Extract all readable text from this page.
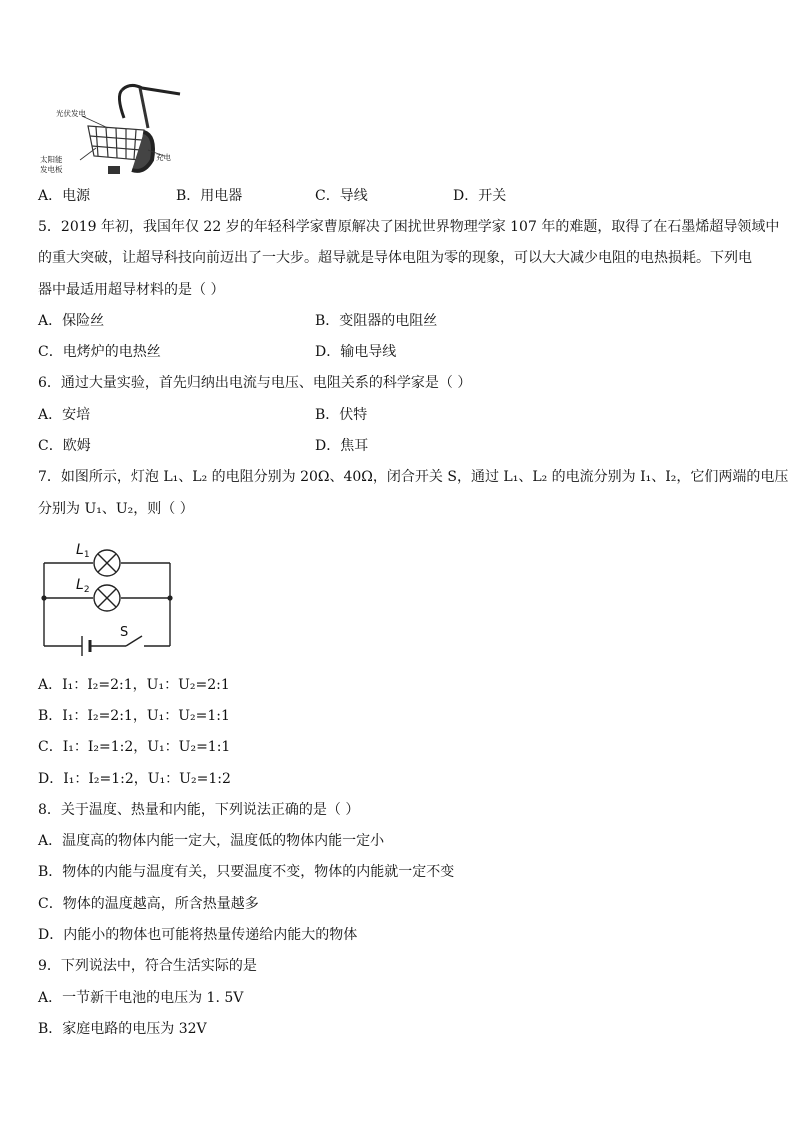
光伏发电
太阳能
发电板
充电
A．电源	B．用电器	C．导线	D．开关
5．2019 年初，我国年仅 22 岁的年轻科学家曹原解决了困扰世界物理学家 107 年的难题，取得了在石墨烯超导领域中
的重大突破，让超导科技向前迈出了一大步。超导就是导体电阻为零的现象，可以大大减少电阻的电热损耗。下列电
器中最适用超导材料的是（ ）
A．保险丝	B．变阻器的电阻丝
C．电烤炉的电热丝	D．输电导线
6．通过大量实验，首先归纳出电流与电压、电阻关系的科学家是（ ）
A．安培	B．伏特
C．欧姆	D．焦耳
7．如图所示，灯泡 L₁、L₂ 的电阻分别为 20Ω、40Ω，闭合开关 S，通过 L₁、L₂ 的电流分别为 I₁、I₂，它们两端的电压
分别为 U₁、U₂，则（ ）
$L_1$
$L_2$
S
A．I₁：I₂=2:1，U₁：U₂=2:1
B．I₁：I₂=2:1，U₁：U₂=1:1
C．I₁：I₂=1:2，U₁：U₂=1:1
D．I₁：I₂=1:2，U₁：U₂=1:2
8．关于温度、热量和内能，下列说法正确的是（ ）
A．温度高的物体内能一定大，温度低的物体内能一定小
B．物体的内能与温度有关，只要温度不变，物体的内能就一定不变
C．物体的温度越高，所含热量越多
D．内能小的物体也可能将热量传递给内能大的物体
9．下列说法中，符合生活实际的是
A．一节新干电池的电压为 1. 5V
B．家庭电路的电压为 32V
